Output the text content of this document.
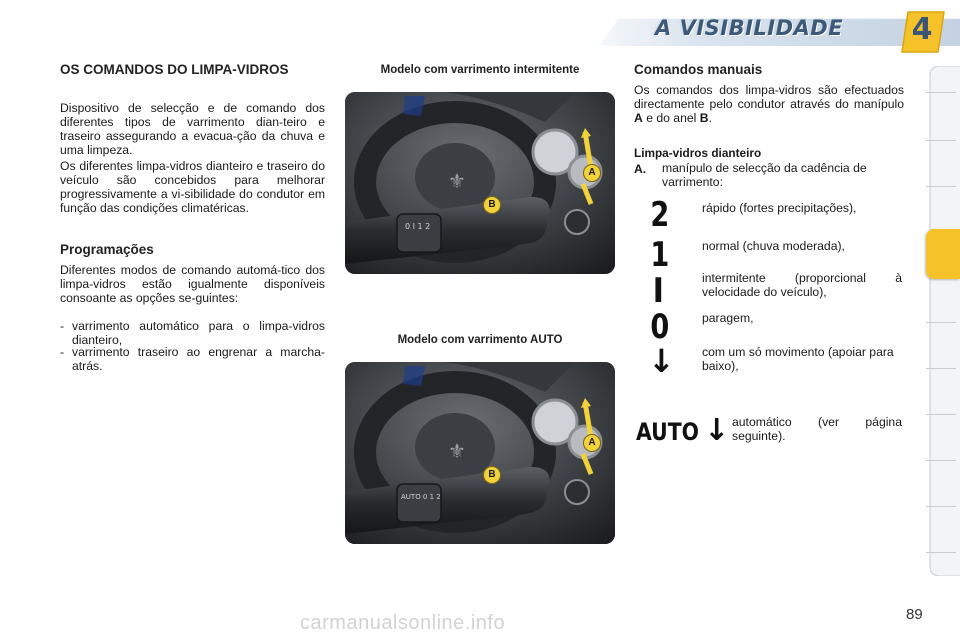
A VISIBILIDADE 4
OS COMANDOS DO LIMPA-VIDROS
Dispositivo de selecção e de comando dos diferentes tipos de varrimento dian-teiro e traseiro assegurando a evacua-ção da chuva e uma limpeza.
Os diferentes limpa-vidros dianteiro e traseiro do veículo são concebidos para melhorar progressivamente a vi-sibilidade do condutor em função das condições climatéricas.
Programações
Diferentes modos de comando automá-tico dos limpa-vidros estão igualmente disponíveis consoante as opções se-guintes:
- varrimento automático para o limpa-vidros dianteiro,
- varrimento traseiro ao engrenar a marcha-atrás.
Modelo com varrimento intermitente
⚜
0 I 1 2
A
B
Modelo com varrimento AUTO
⚜
AUTO 0 1 2
A
B
Comandos manuais
Os comandos dos limpa-vidros são efectuados directamente pelo condutor através do manípulo A e do anel B.
Limpa-vidros dianteiro
A. manípulo de selecção da cadência de varrimento:
2	rápido (fortes precipitações),
1	normal (chuva moderada),
I	intermitente (proporcional à velocidade do veículo),
0	paragem,
↓ com um só movimento (apoiar para baixo),
AUTO ↓ automático (ver página seguinte).
89
carmanualsonline.info
